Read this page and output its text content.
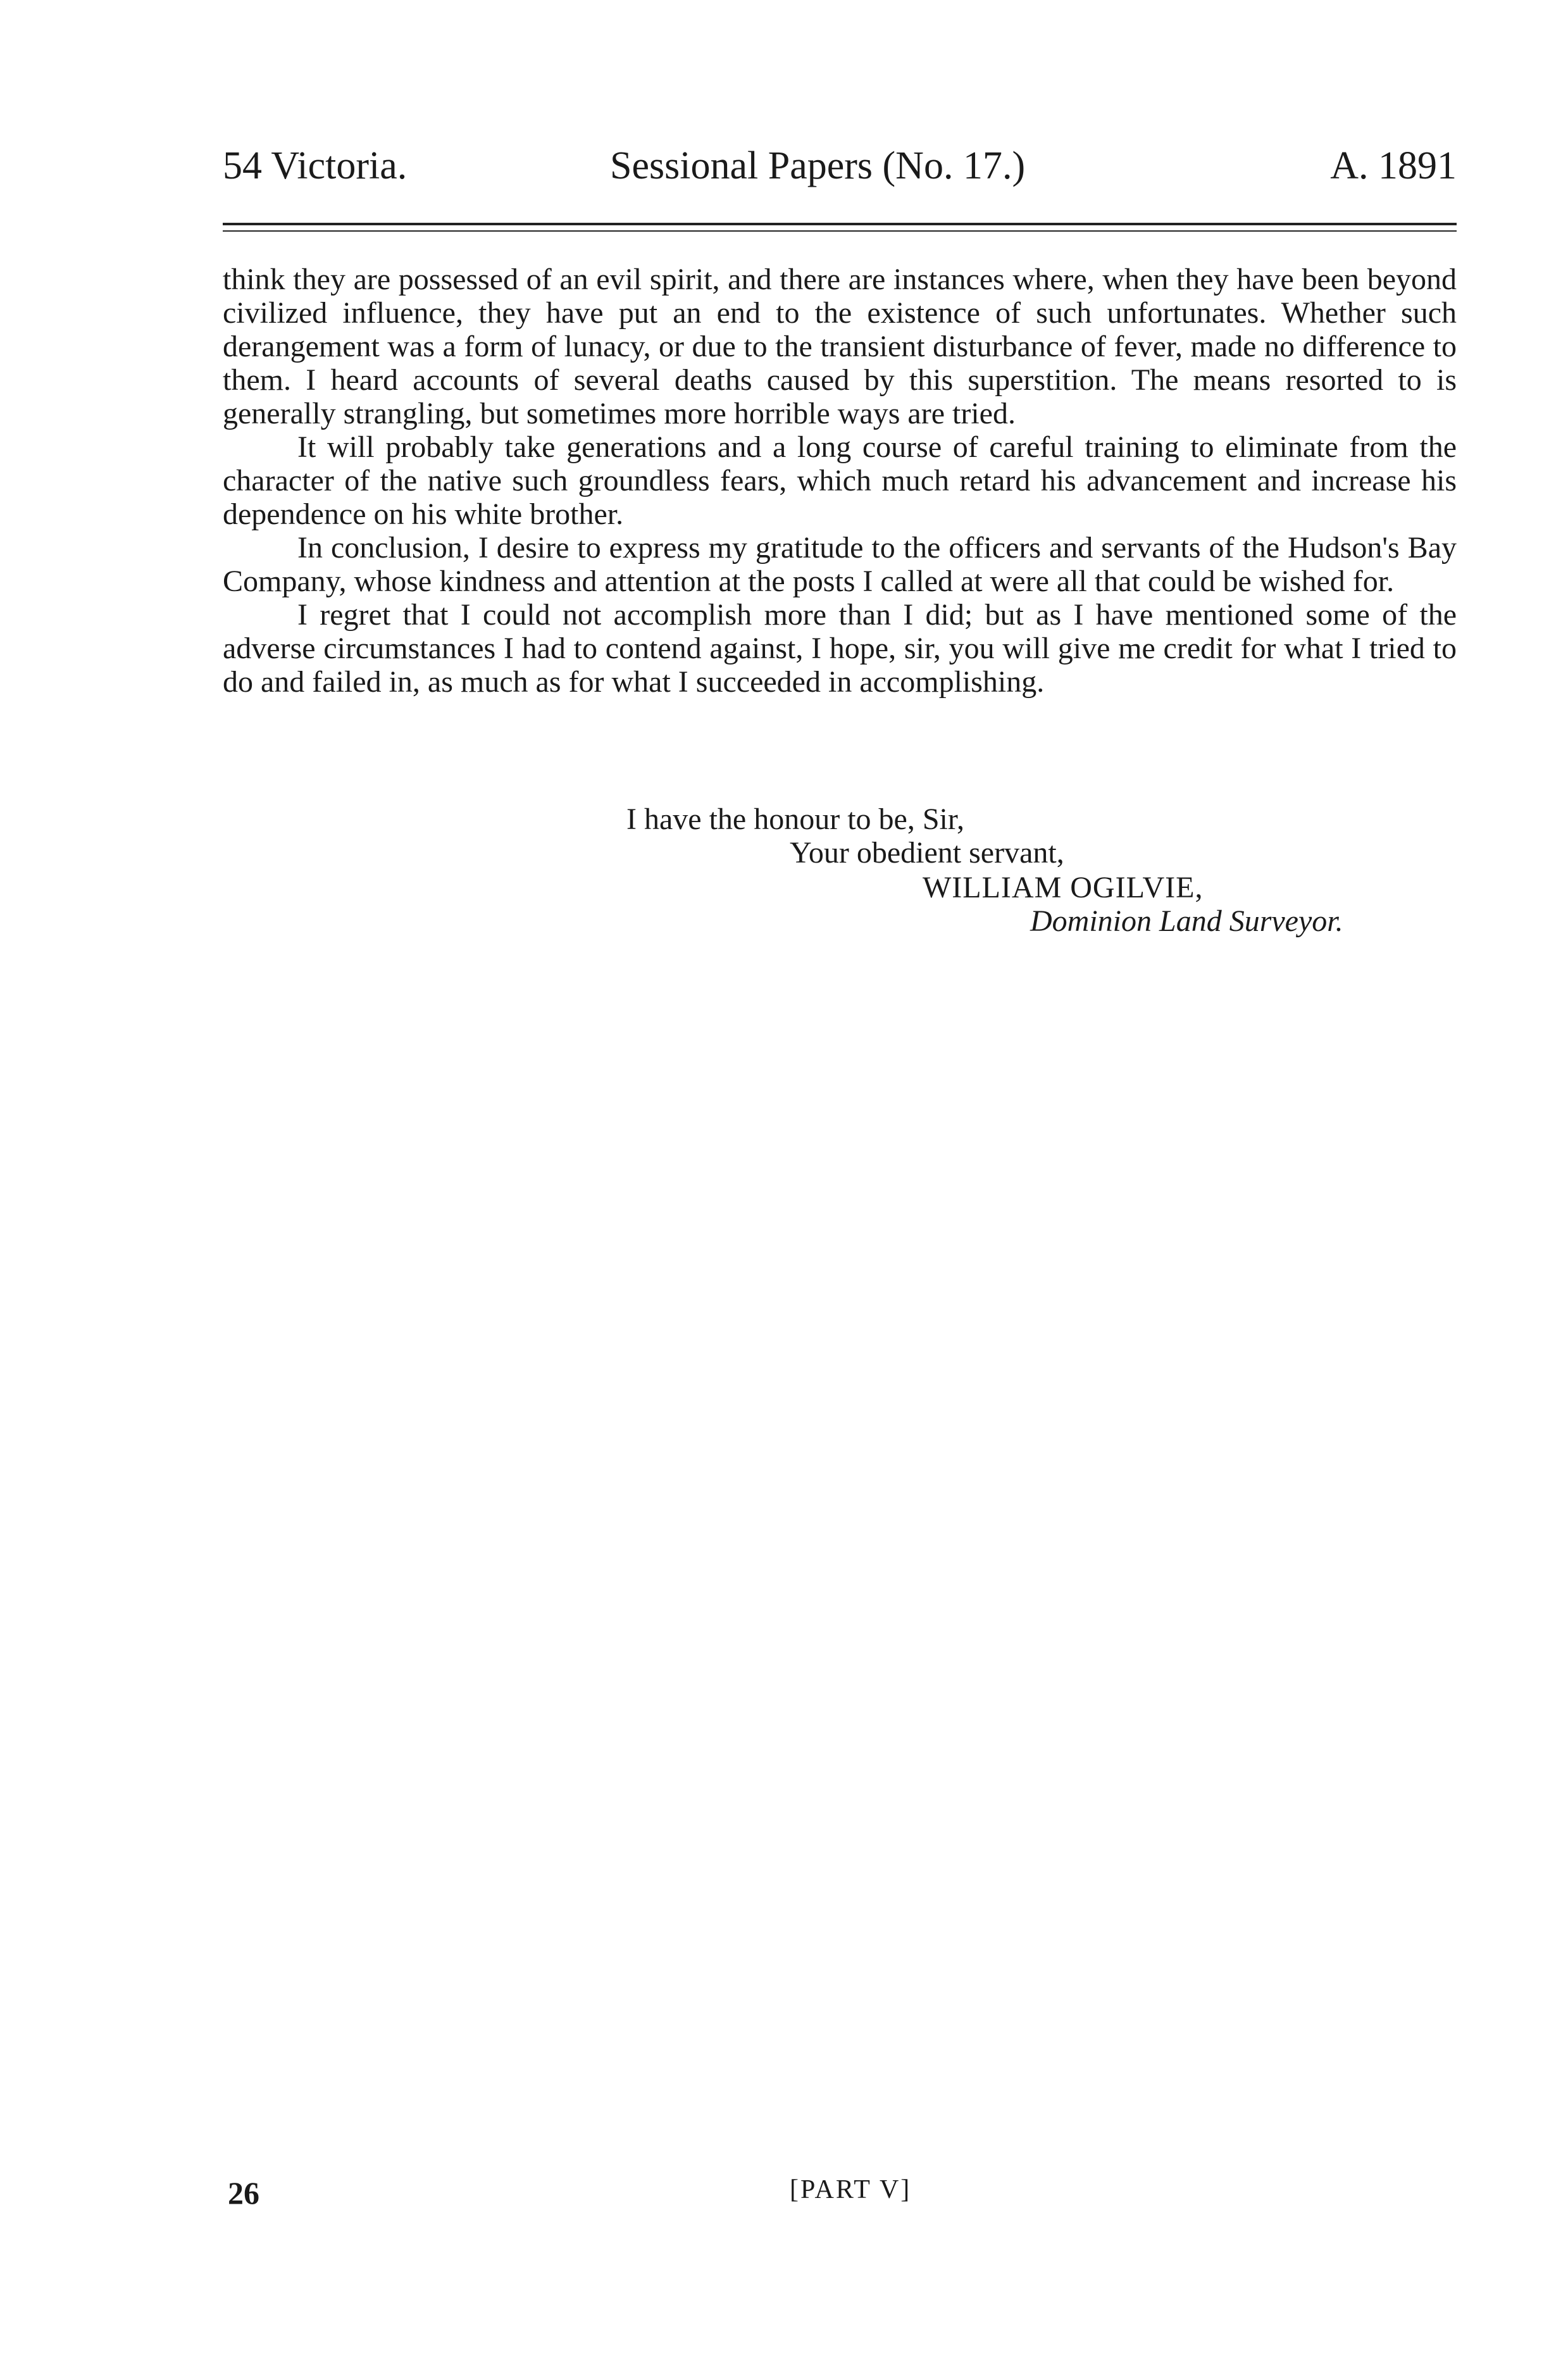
54 Victoria.	Sessional Papers (No. 17.)	A. 1891

think they are possessed of an evil spirit, and there are instances where, when they have been beyond civilized influence, they have put an end to the existence of such unfortunates. Whether such derangement was a form of lunacy, or due to the transient disturbance of fever, made no difference to them. I heard accounts of several deaths caused by this superstition. The means resorted to is generally strangling, but sometimes more horrible ways are tried.

It will probably take generations and a long course of careful training to eliminate from the character of the native such groundless fears, which much retard his advancement and increase his dependence on his white brother.

In conclusion, I desire to express my gratitude to the officers and servants of the Hudson's Bay Company, whose kindness and attention at the posts I called at were all that could be wished for.

I regret that I could not accomplish more than I did; but as I have mentioned some of the adverse circumstances I had to contend against, I hope, sir, you will give me credit for what I tried to do and failed in, as much as for what I succeeded in accomplishing.

I have the honour to be, Sir,
Your obedient servant,
WILLIAM OGILVIE,
Dominion Land Surveyor.
26	[PART V]
